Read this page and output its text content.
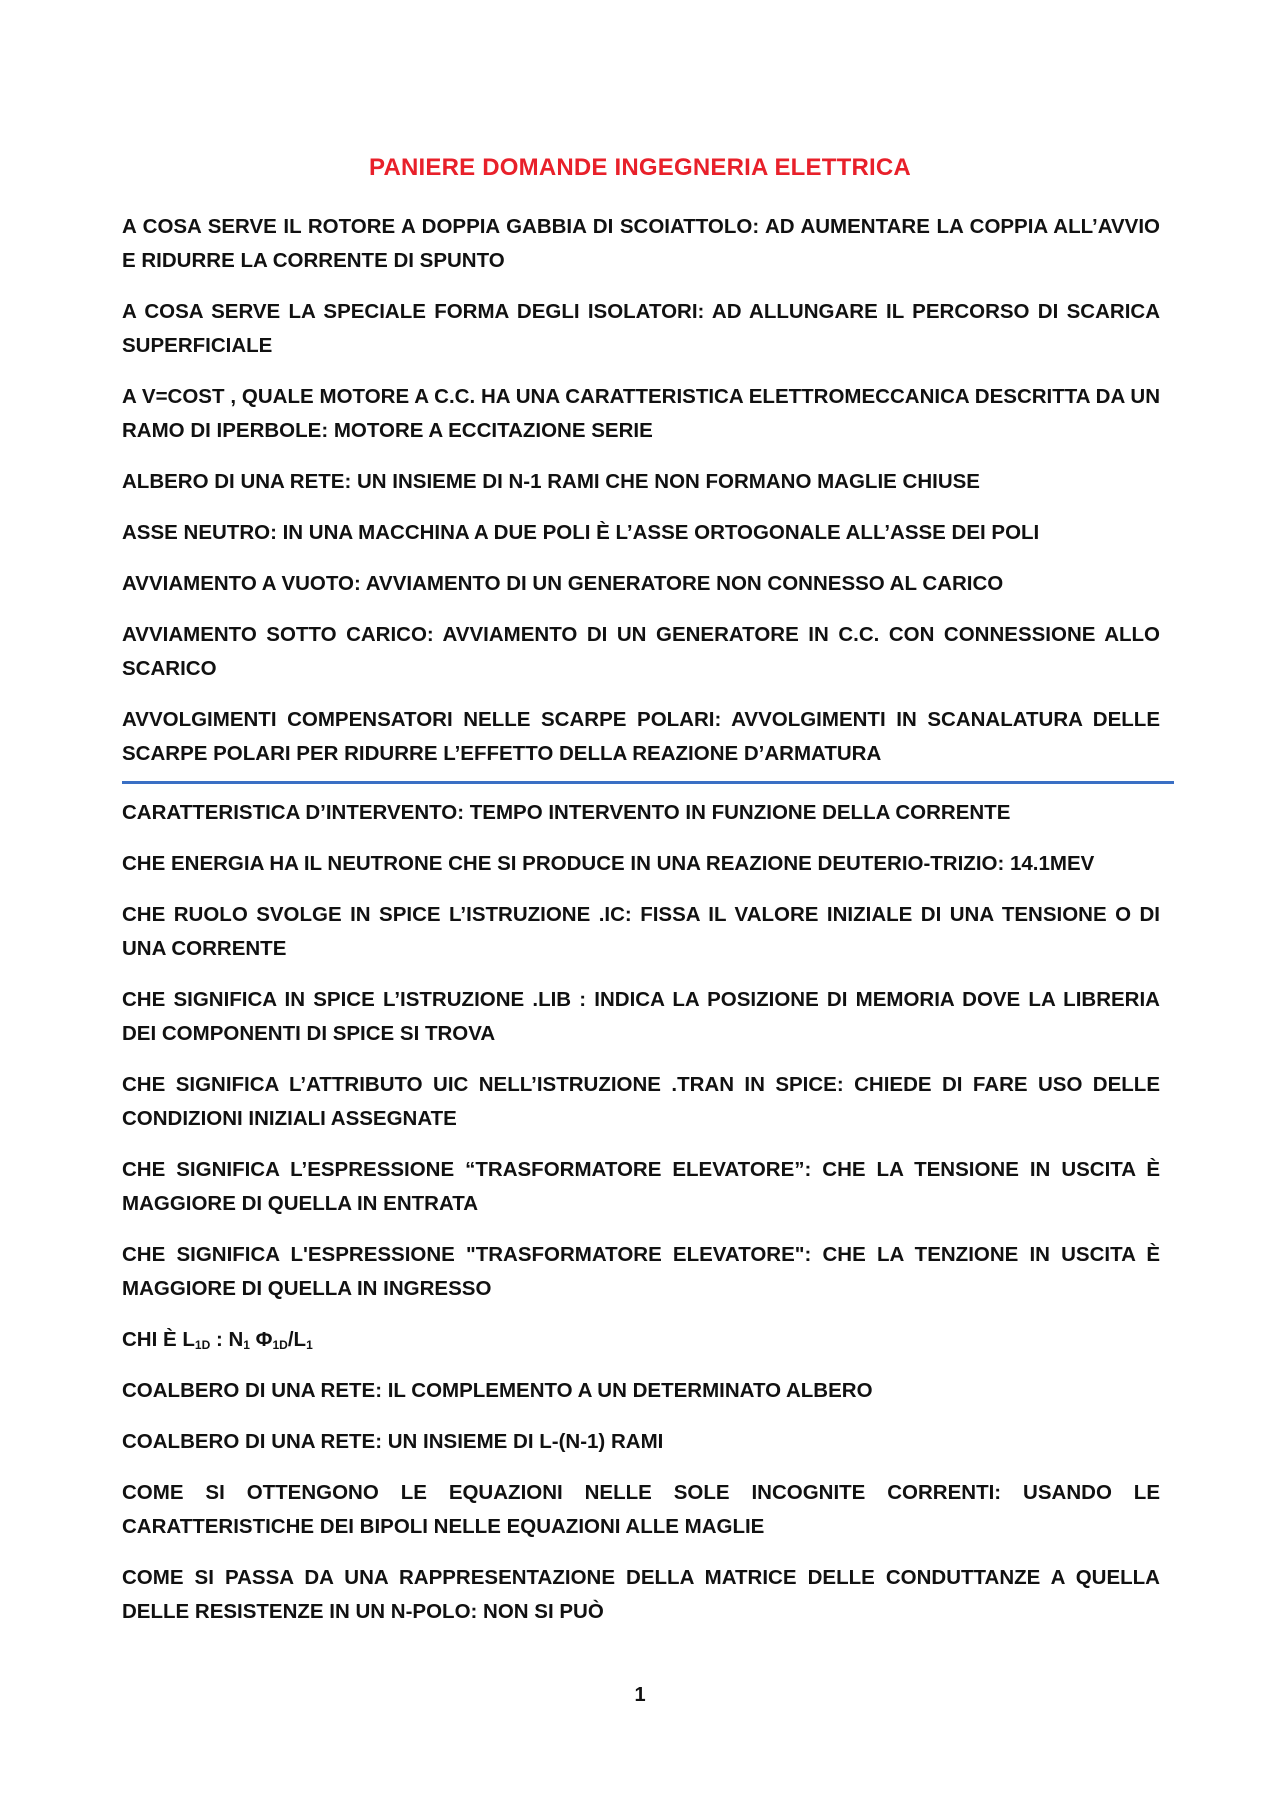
PANIERE DOMANDE INGEGNERIA ELETTRICA

A COSA SERVE IL ROTORE A DOPPIA GABBIA DI SCOIATTOLO: AD AUMENTARE LA COPPIA ALL’AVVIO E RIDURRE LA CORRENTE DI SPUNTO

A COSA SERVE LA SPECIALE FORMA DEGLI ISOLATORI: AD ALLUNGARE IL PERCORSO DI SCARICA SUPERFICIALE

A V=COST , QUALE MOTORE A C.C. HA UNA CARATTERISTICA ELETTROMECCANICA DESCRITTA DA UN RAMO DI IPERBOLE: MOTORE A ECCITAZIONE SERIE

ALBERO DI UNA RETE: UN INSIEME DI N-1 RAMI CHE NON FORMANO MAGLIE CHIUSE

ASSE NEUTRO: IN UNA MACCHINA A DUE POLI È L’ASSE ORTOGONALE ALL’ASSE DEI POLI

AVVIAMENTO A VUOTO: AVVIAMENTO DI UN GENERATORE NON CONNESSO AL CARICO

AVVIAMENTO SOTTO CARICO: AVVIAMENTO DI UN GENERATORE IN C.C. CON CONNESSIONE ALLO SCARICO

AVVOLGIMENTI COMPENSATORI NELLE SCARPE POLARI: AVVOLGIMENTI IN SCANALATURA DELLE SCARPE POLARI PER RIDURRE L’EFFETTO DELLA REAZIONE D’ARMATURA

CARATTERISTICA D’INTERVENTO: TEMPO INTERVENTO IN FUNZIONE DELLA CORRENTE

CHE ENERGIA HA IL NEUTRONE CHE SI PRODUCE IN UNA REAZIONE DEUTERIO-TRIZIO: 14.1MEV

CHE RUOLO SVOLGE IN SPICE L’ISTRUZIONE .IC: FISSA IL VALORE INIZIALE DI UNA TENSIONE O DI UNA CORRENTE

CHE SIGNIFICA IN SPICE L’ISTRUZIONE .LIB : INDICA LA POSIZIONE DI MEMORIA DOVE LA LIBRERIA DEI COMPONENTI DI SPICE SI TROVA

CHE SIGNIFICA L’ATTRIBUTO UIC NELL’ISTRUZIONE .TRAN IN SPICE: CHIEDE DI FARE USO DELLE CONDIZIONI INIZIALI ASSEGNATE

CHE SIGNIFICA L’ESPRESSIONE “TRASFORMATORE ELEVATORE”: CHE LA TENSIONE IN USCITA È MAGGIORE DI QUELLA IN ENTRATA

CHE SIGNIFICA L'ESPRESSIONE "TRASFORMATORE ELEVATORE": CHE LA TENZIONE IN USCITA È MAGGIORE DI QUELLA IN INGRESSO

CHI È $L_{1D}$ : $N_1$ $\Phi_{1D}/L_1$

COALBERO DI UNA RETE: IL COMPLEMENTO A UN DETERMINATO ALBERO

COALBERO DI UNA RETE: UN INSIEME DI L-(N-1) RAMI

COME SI OTTENGONO LE EQUAZIONI NELLE SOLE INCOGNITE CORRENTI: USANDO LE CARATTERISTICHE DEI BIPOLI NELLE EQUAZIONI ALLE MAGLIE

COME SI PASSA DA UNA RAPPRESENTAZIONE DELLA MATRICE DELLE CONDUTTANZE A QUELLA DELLE RESISTENZE IN UN N-POLO: NON SI PUÒ

1
